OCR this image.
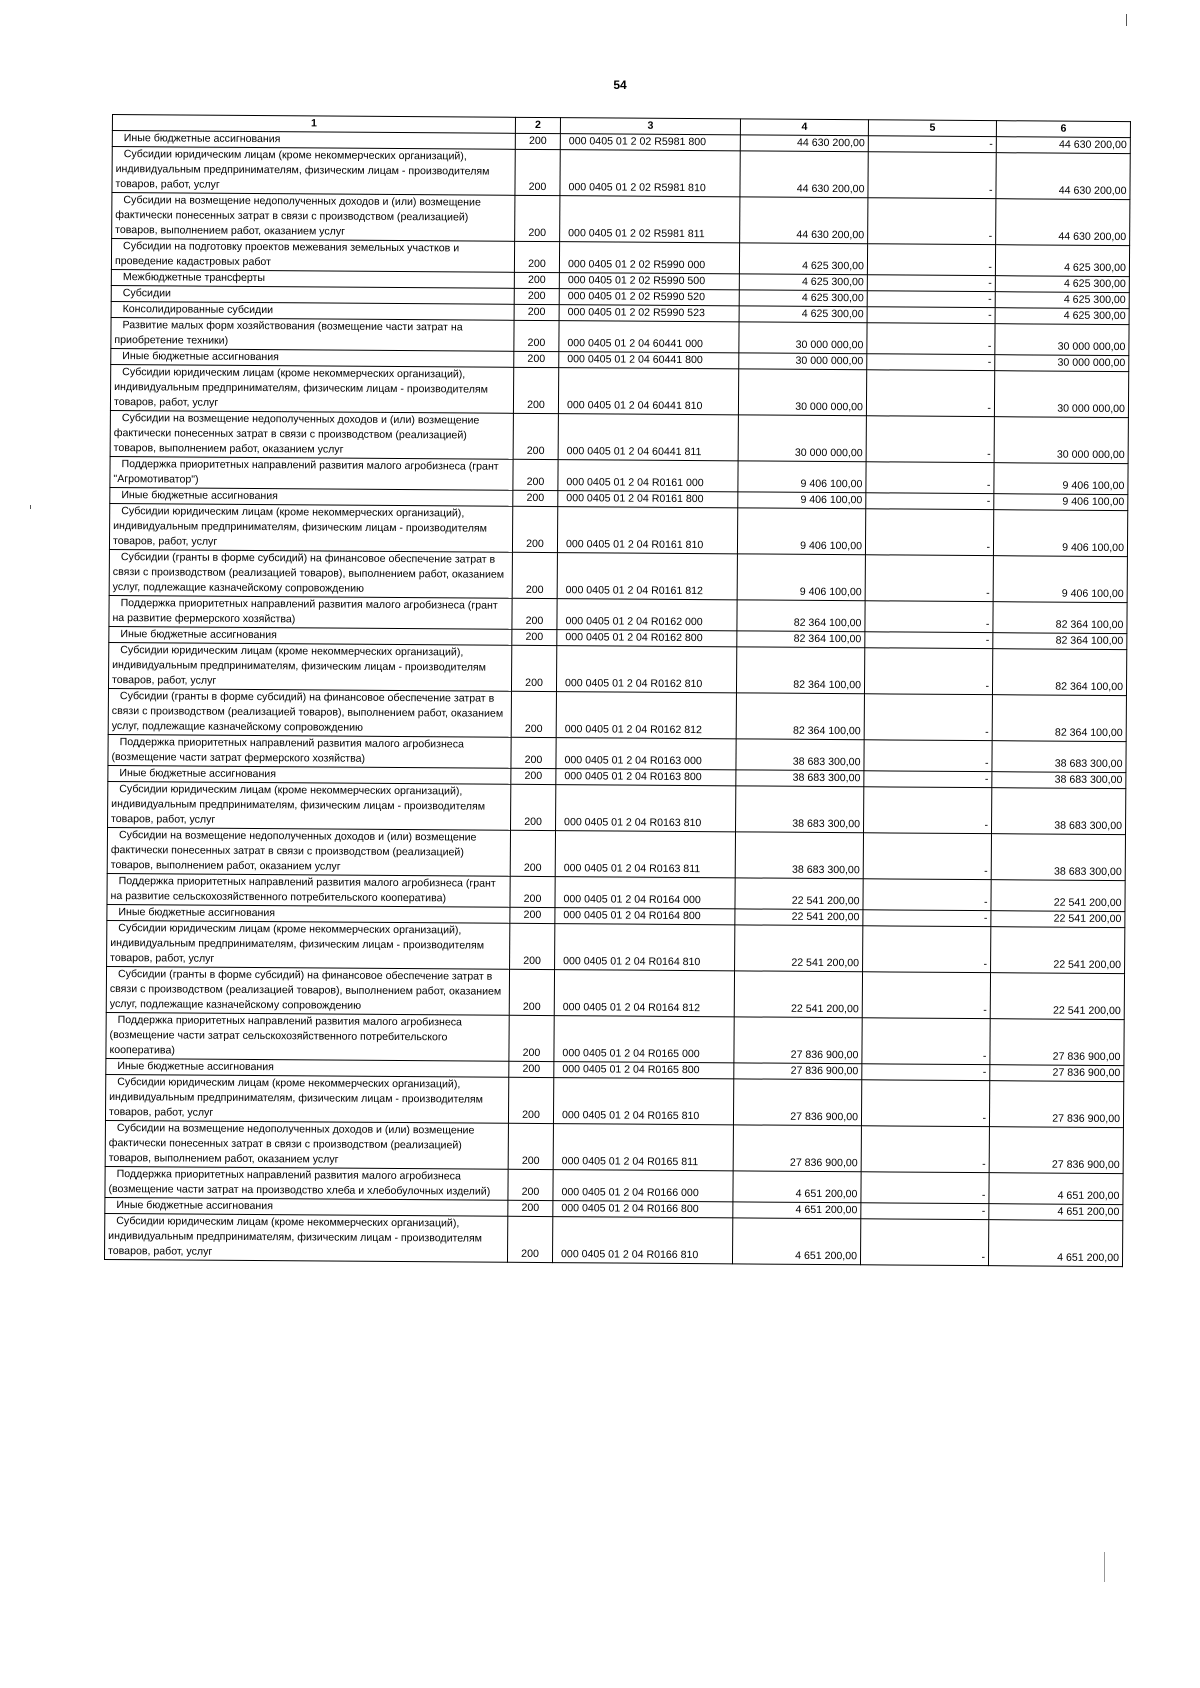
54
1	2	3	4	5	6
Иные бюджетные ассигнования	200	000 0405 01 2 02 R5981 800	44 630 200,00	-	44 630 200,00
Субсидии юридическим лицам (кроме некоммерческих организаций), индивидуальным предпринимателям, физическим лицам - производителям товаров, работ, услуг	200	000 0405 01 2 02 R5981 810	44 630 200,00	-	44 630 200,00
Субсидии на возмещение недополученных доходов и (или) возмещение фактически понесенных затрат в связи с производством (реализацией) товаров, выполнением работ, оказанием услуг	200	000 0405 01 2 02 R5981 811	44 630 200,00	-	44 630 200,00
Субсидии на подготовку проектов межевания земельных участков и проведение кадастровых работ	200	000 0405 01 2 02 R5990 000	4 625 300,00	-	4 625 300,00
Межбюджетные трансферты	200	000 0405 01 2 02 R5990 500	4 625 300,00	-	4 625 300,00
Субсидии	200	000 0405 01 2 02 R5990 520	4 625 300,00	-	4 625 300,00
Консолидированные субсидии	200	000 0405 01 2 02 R5990 523	4 625 300,00	-	4 625 300,00
Развитие малых форм хозяйствования (возмещение части затрат на приобретение техники)	200	000 0405 01 2 04 60441 000	30 000 000,00	-	30 000 000,00
Иные бюджетные ассигнования	200	000 0405 01 2 04 60441 800	30 000 000,00	-	30 000 000,00
Субсидии юридическим лицам (кроме некоммерческих организаций), индивидуальным предпринимателям, физическим лицам - производителям товаров, работ, услуг	200	000 0405 01 2 04 60441 810	30 000 000,00	-	30 000 000,00
Субсидии на возмещение недополученных доходов и (или) возмещение фактически понесенных затрат в связи с производством (реализацией) товаров, выполнением работ, оказанием услуг	200	000 0405 01 2 04 60441 811	30 000 000,00	-	30 000 000,00
Поддержка приоритетных направлений развития малого агробизнеса (грант "Агромотиватор")	200	000 0405 01 2 04 R0161 000	9 406 100,00	-	9 406 100,00
Иные бюджетные ассигнования	200	000 0405 01 2 04 R0161 800	9 406 100,00	-	9 406 100,00
Субсидии юридическим лицам (кроме некоммерческих организаций), индивидуальным предпринимателям, физическим лицам - производителям товаров, работ, услуг	200	000 0405 01 2 04 R0161 810	9 406 100,00	-	9 406 100,00
Субсидии (гранты в форме субсидий) на финансовое обеспечение затрат в связи с производством (реализацией товаров), выполнением работ, оказанием услуг, подлежащие казначейскому сопровождению	200	000 0405 01 2 04 R0161 812	9 406 100,00	-	9 406 100,00
Поддержка приоритетных направлений развития малого агробизнеса (грант на развитие фермерского хозяйства)	200	000 0405 01 2 04 R0162 000	82 364 100,00	-	82 364 100,00
Иные бюджетные ассигнования	200	000 0405 01 2 04 R0162 800	82 364 100,00	-	82 364 100,00
Субсидии юридическим лицам (кроме некоммерческих организаций), индивидуальным предпринимателям, физическим лицам - производителям товаров, работ, услуг	200	000 0405 01 2 04 R0162 810	82 364 100,00	-	82 364 100,00
Субсидии (гранты в форме субсидий) на финансовое обеспечение затрат в связи с производством (реализацией товаров), выполнением работ, оказанием услуг, подлежащие казначейскому сопровождению	200	000 0405 01 2 04 R0162 812	82 364 100,00	-	82 364 100,00
Поддержка приоритетных направлений развития малого агробизнеса (возмещение части затрат фермерского хозяйства)	200	000 0405 01 2 04 R0163 000	38 683 300,00	-	38 683 300,00
Иные бюджетные ассигнования	200	000 0405 01 2 04 R0163 800	38 683 300,00	-	38 683 300,00
Субсидии юридическим лицам (кроме некоммерческих организаций), индивидуальным предпринимателям, физическим лицам - производителям товаров, работ, услуг	200	000 0405 01 2 04 R0163 810	38 683 300,00	-	38 683 300,00
Субсидии на возмещение недополученных доходов и (или) возмещение фактически понесенных затрат в связи с производством (реализацией) товаров, выполнением работ, оказанием услуг	200	000 0405 01 2 04 R0163 811	38 683 300,00	-	38 683 300,00
Поддержка приоритетных направлений развития малого агробизнеса (грант на развитие сельскохозяйственного потребительского кооператива)	200	000 0405 01 2 04 R0164 000	22 541 200,00	-	22 541 200,00
Иные бюджетные ассигнования	200	000 0405 01 2 04 R0164 800	22 541 200,00	-	22 541 200,00
Субсидии юридическим лицам (кроме некоммерческих организаций), индивидуальным предпринимателям, физическим лицам - производителям товаров, работ, услуг	200	000 0405 01 2 04 R0164 810	22 541 200,00	-	22 541 200,00
Субсидии (гранты в форме субсидий) на финансовое обеспечение затрат в связи с производством (реализацией товаров), выполнением работ, оказанием услуг, подлежащие казначейскому сопровождению	200	000 0405 01 2 04 R0164 812	22 541 200,00	-	22 541 200,00
Поддержка приоритетных направлений развития малого агробизнеса (возмещение части затрат сельскохозяйственного потребительского кооператива)	200	000 0405 01 2 04 R0165 000	27 836 900,00	-	27 836 900,00
Иные бюджетные ассигнования	200	000 0405 01 2 04 R0165 800	27 836 900,00	-	27 836 900,00
Субсидии юридическим лицам (кроме некоммерческих организаций), индивидуальным предпринимателям, физическим лицам - производителям товаров, работ, услуг	200	000 0405 01 2 04 R0165 810	27 836 900,00	-	27 836 900,00
Субсидии на возмещение недополученных доходов и (или) возмещение фактически понесенных затрат в связи с производством (реализацией) товаров, выполнением работ, оказанием услуг	200	000 0405 01 2 04 R0165 811	27 836 900,00	-	27 836 900,00
Поддержка приоритетных направлений развития малого агробизнеса (возмещение части затрат на производство хлеба и хлебобулочных изделий)	200	000 0405 01 2 04 R0166 000	4 651 200,00	-	4 651 200,00
Иные бюджетные ассигнования	200	000 0405 01 2 04 R0166 800	4 651 200,00	-	4 651 200,00
Субсидии юридическим лицам (кроме некоммерческих организаций), индивидуальным предпринимателям, физическим лицам - производителям товаров, работ, услуг	200	000 0405 01 2 04 R0166 810	4 651 200,00	-	4 651 200,00
